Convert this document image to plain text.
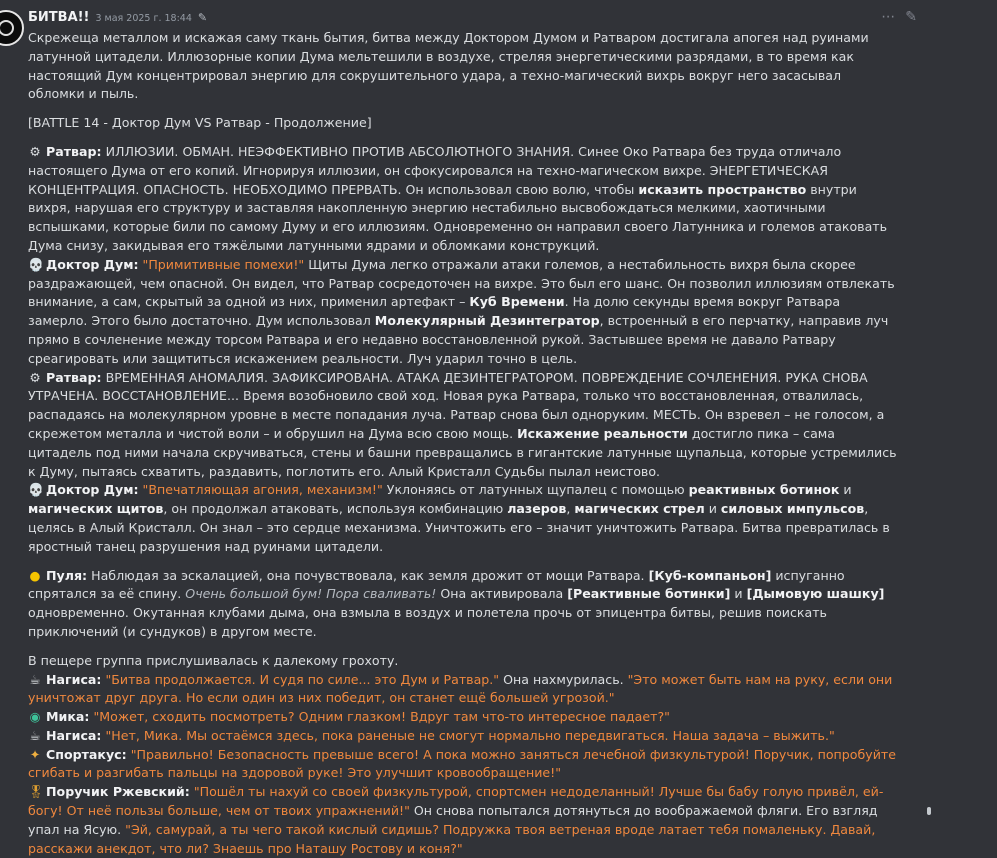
БИТВА!! 3 мая 2025 г. 18:44 ✎	⋯ ✎

Скрежеща металлом и искажая саму ткань бытия, битва между Доктором Думом и Ратваром достигала апогея над руинами латунной цитадели. Иллюзорные копии Дума мельтешили в воздухе, стреляя энергетическими разрядами, в то время как настоящий Дум концентрировал энергию для сокрушительного удара, а техно-магический вихрь вокруг него засасывал обломки и пыль.

[BATTLE 14 - Доктор Дум VS Ратвар - Продолжение]

⚙ Ратвар: ИЛЛЮЗИИ. ОБМАН. НЕЭФФЕКТИВНО ПРОТИВ АБСОЛЮТНОГО ЗНАНИЯ. Синее Око Ратвара без труда отличало настоящего Дума от его копий. Игнорируя иллюзии, он сфокусировался на техно-магическом вихре. ЭНЕРГЕТИЧЕСКАЯ КОНЦЕНТРАЦИЯ. ОПАСНОСТЬ. НЕОБХОДИМО ПРЕРВАТЬ. Он использовал свою волю, чтобы исказить пространство внутри вихря, нарушая его структуру и заставляя накопленную энергию нестабильно высвобождаться мелкими, хаотичными вспышками, которые били по самому Думу и его иллюзиям. Одновременно он направил своего Латунника и големов атаковать Дума снизу, закидывая его тяжёлыми латунными ядрами и обломками конструкций.

💀 Доктор Дум: "Примитивные помехи!" Щиты Дума легко отражали атаки големов, а нестабильность вихря была скорее раздражающей, чем опасной. Он видел, что Ратвар сосредоточен на вихре. Это был его шанс. Он позволил иллюзиям отвлекать внимание, а сам, скрытый за одной из них, применил артефакт – Куб Времени. На долю секунды время вокруг Ратвара замерло. Этого было достаточно. Дум использовал Молекулярный Дезинтегратор, встроенный в его перчатку, направив луч прямо в сочленение между торсом Ратвара и его недавно восстановленной рукой. Застывшее время не давало Ратвару среагировать или защититься искажением реальности. Луч ударил точно в цель.

⚙ Ратвар: ВРЕМЕННАЯ АНОМАЛИЯ. ЗАФИКСИРОВАНА. АТАКА ДЕЗИНТЕГРАТОРОМ. ПОВРЕЖДЕНИЕ СОЧЛЕНЕНИЯ. РУКА СНОВА УТРАЧЕНА. ВОССТАНОВЛЕНИЕ... Время возобновило свой ход. Новая рука Ратвара, только что восстановленная, отвалилась, распадаясь на молекулярном уровне в месте попадания луча. Ратвар снова был одноруким. МЕСТЬ. Он взревел – не голосом, а скрежетом металла и чистой воли – и обрушил на Дума всю свою мощь. Искажение реальности достигло пика – сама цитадель под ними начала скручиваться, стены и башни превращались в гигантские латунные щупальца, которые устремились к Думу, пытаясь схватить, раздавить, поглотить его. Алый Кристалл Судьбы пылал неистово.

💀 Доктор Дум: "Впечатляющая агония, механизм!" Уклоняясь от латунных щупалец с помощью реактивных ботинок и магических щитов, он продолжал атаковать, используя комбинацию лазеров, магических стрел и силовых импульсов, целясь в Алый Кристалл. Он знал – это сердце механизма. Уничтожить его – значит уничтожить Ратвара. Битва превратилась в яростный танец разрушения над руинами цитадели.

● Пуля: Наблюдая за эскалацией, она почувствовала, как земля дрожит от мощи Ратвара. [Куб-компаньон] испуганно спрятался за её спину. Очень большой бум! Пора сваливать! Она активировала [Реактивные ботинки] и [Дымовую шашку] одновременно. Окутанная клубами дыма, она взмыла в воздух и полетела прочь от эпицентра битвы, решив поискать приключений (и сундуков) в другом месте.

В пещере группа прислушивалась к далекому грохоту.

☕ Нагиса: "Битва продолжается. И судя по силе... это Дум и Ратвар." Она нахмурилась. "Это может быть нам на руку, если они уничтожат друг друга. Но если один из них победит, он станет ещё большей угрозой."

◉ Мика: "Может, сходить посмотреть? Одним глазком! Вдруг там что-то интересное падает?"

☕ Нагиса: "Нет, Мика. Мы остаёмся здесь, пока раненые не смогут нормально передвигаться. Наша задача – выжить."

✦ Спортакус: "Правильно! Безопасность превыше всего! А пока можно заняться лечебной физкультурой! Поручик, попробуйте сгибать и разгибать пальцы на здоровой руке! Это улучшит кровообращение!"

🎖 Поручик Ржевский: "Пошёл ты нахуй со своей физкультурой, спортсмен недоделанный! Лучше бы бабу голую привёл, ей-богу! От неё пользы больше, чем от твоих упражнений!" Он снова попытался дотянуться до воображаемой фляги. Его взгляд упал на Ясую. "Эй, самурай, а ты чего такой кислый сидишь? Подружка твоя ветреная вроде латает тебя помаленьку. Давай, расскажи анекдот, что ли? Знаешь про Наташу Ростову и коня?"
